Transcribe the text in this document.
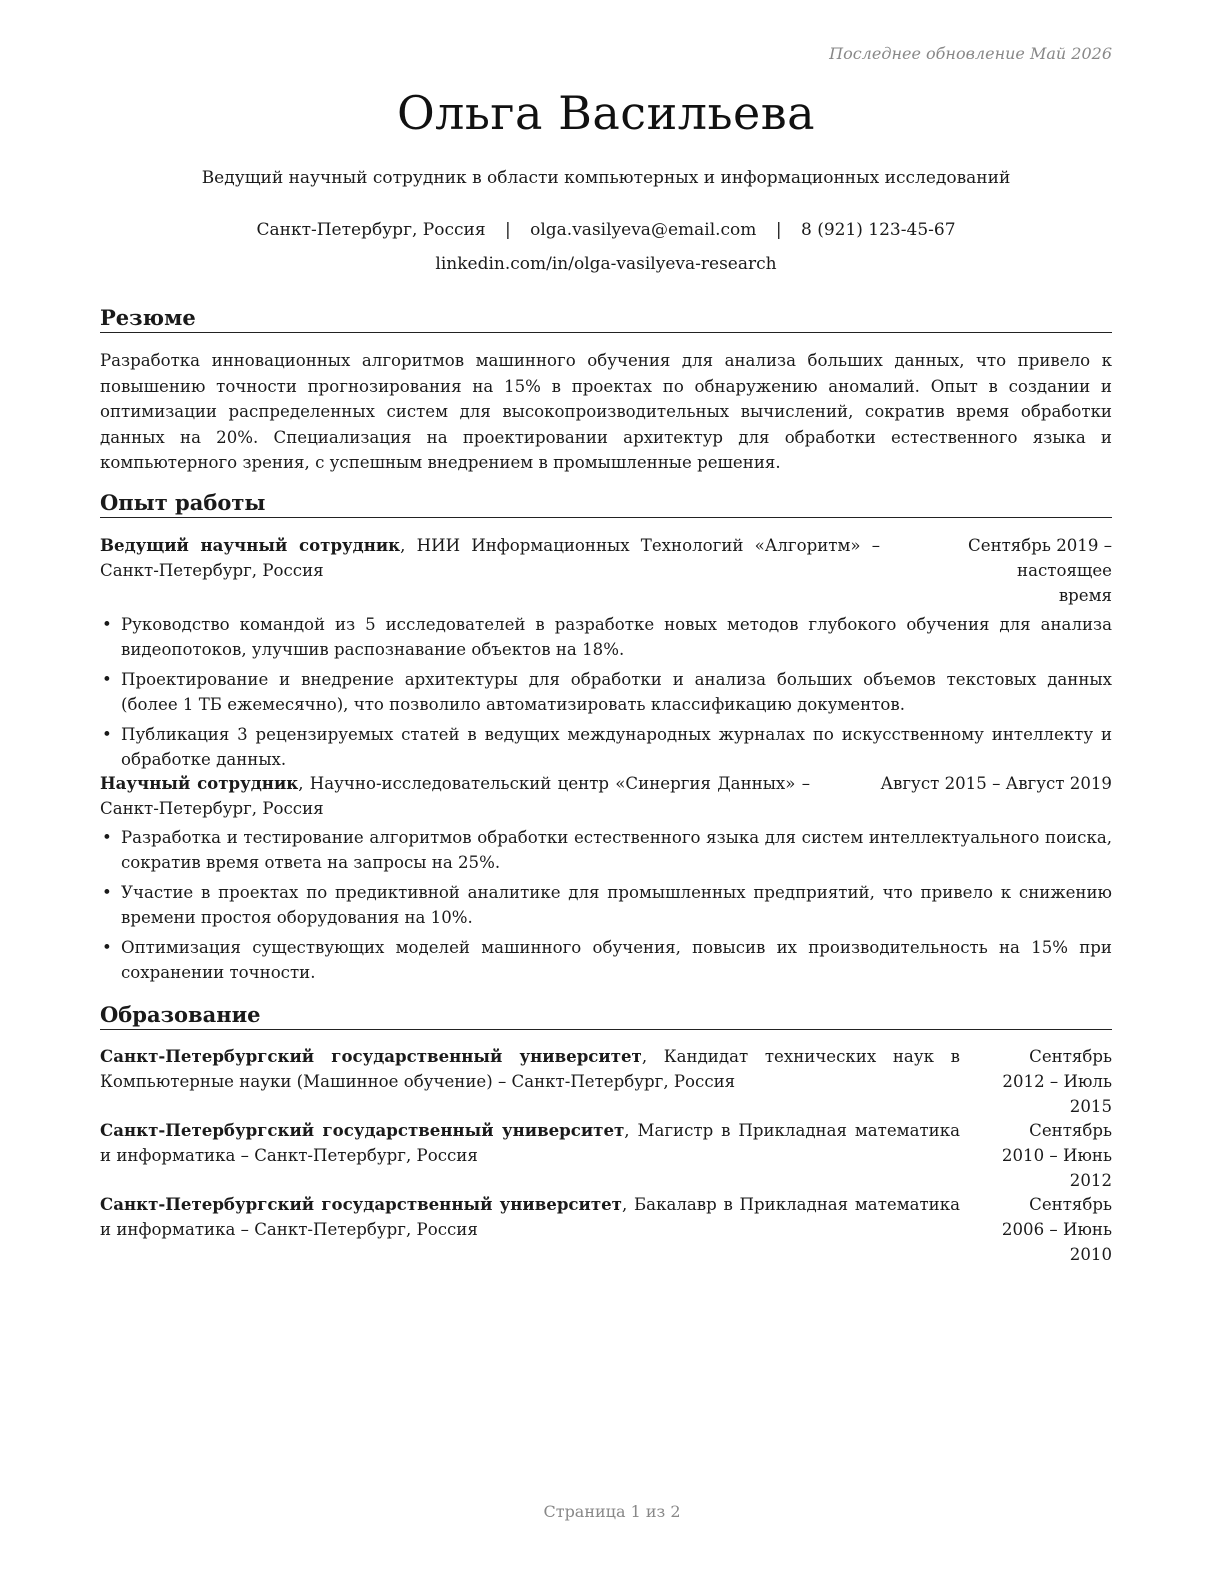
Последнее обновление Май 2026
Ольга Васильева
Ведущий научный сотрудник в области компьютерных и информационных исследований
Санкт-Петербург, Россия | olga.vasilyeva@email.com | 8 (921) 123-45-67
linkedin.com/in/olga-vasilyeva-research
Резюме
Разработка инновационных алгоритмов машинного обучения для анализа больших данных, что привело к повышению точности прогнозирования на 15% в проектах по обнаружению аномалий. Опыт в создании и оптимизации распределенных систем для высокопроизводительных вычислений, сократив время обработки данных на 20%. Специализация на проектировании архитектур для обработки естественного языка и компьютерного зрения, с успешным внедрением в промышленные решения.
Опыт работы
Ведущий научный сотрудник, НИИ Информационных Технологий «Алгоритм» – Санкт-Петербург, Россия
Сентябрь 2019 – настоящее время
• Руководство командой из 5 исследователей в разработке новых методов глубокого обучения для анализа видеопотоков, улучшив распознавание объектов на 18%.
• Проектирование и внедрение архитектуры для обработки и анализа больших объемов текстовых данных (более 1 ТБ ежемесячно), что позволило автоматизировать классификацию документов.
• Публикация 3 рецензируемых статей в ведущих международных журналах по искусственному интеллекту и обработке данных.
Научный сотрудник, Научно-исследовательский центр «Синергия Данных» – Санкт-Петербург, Россия
Август 2015 – Август 2019
• Разработка и тестирование алгоритмов обработки естественного языка для систем интеллектуального поиска, сократив время ответа на запросы на 25%.
• Участие в проектах по предиктивной аналитике для промышленных предприятий, что привело к снижению времени простоя оборудования на 10%.
• Оптимизация существующих моделей машинного обучения, повысив их производительность на 15% при сохранении точности.
Образование
Санкт-Петербургский государственный университет, Кандидат технических наук в Компьютерные науки (Машинное обучение) – Санкт-Петербург, Россия
Сентябрь 2012 – Июль 2015
Санкт-Петербургский государственный университет, Магистр в Прикладная математика и информатика – Санкт-Петербург, Россия
Сентябрь 2010 – Июнь 2012
Санкт-Петербургский государственный университет, Бакалавр в Прикладная математика и информатика – Санкт-Петербург, Россия
Сентябрь 2006 – Июнь 2010
Страница 1 из 2
